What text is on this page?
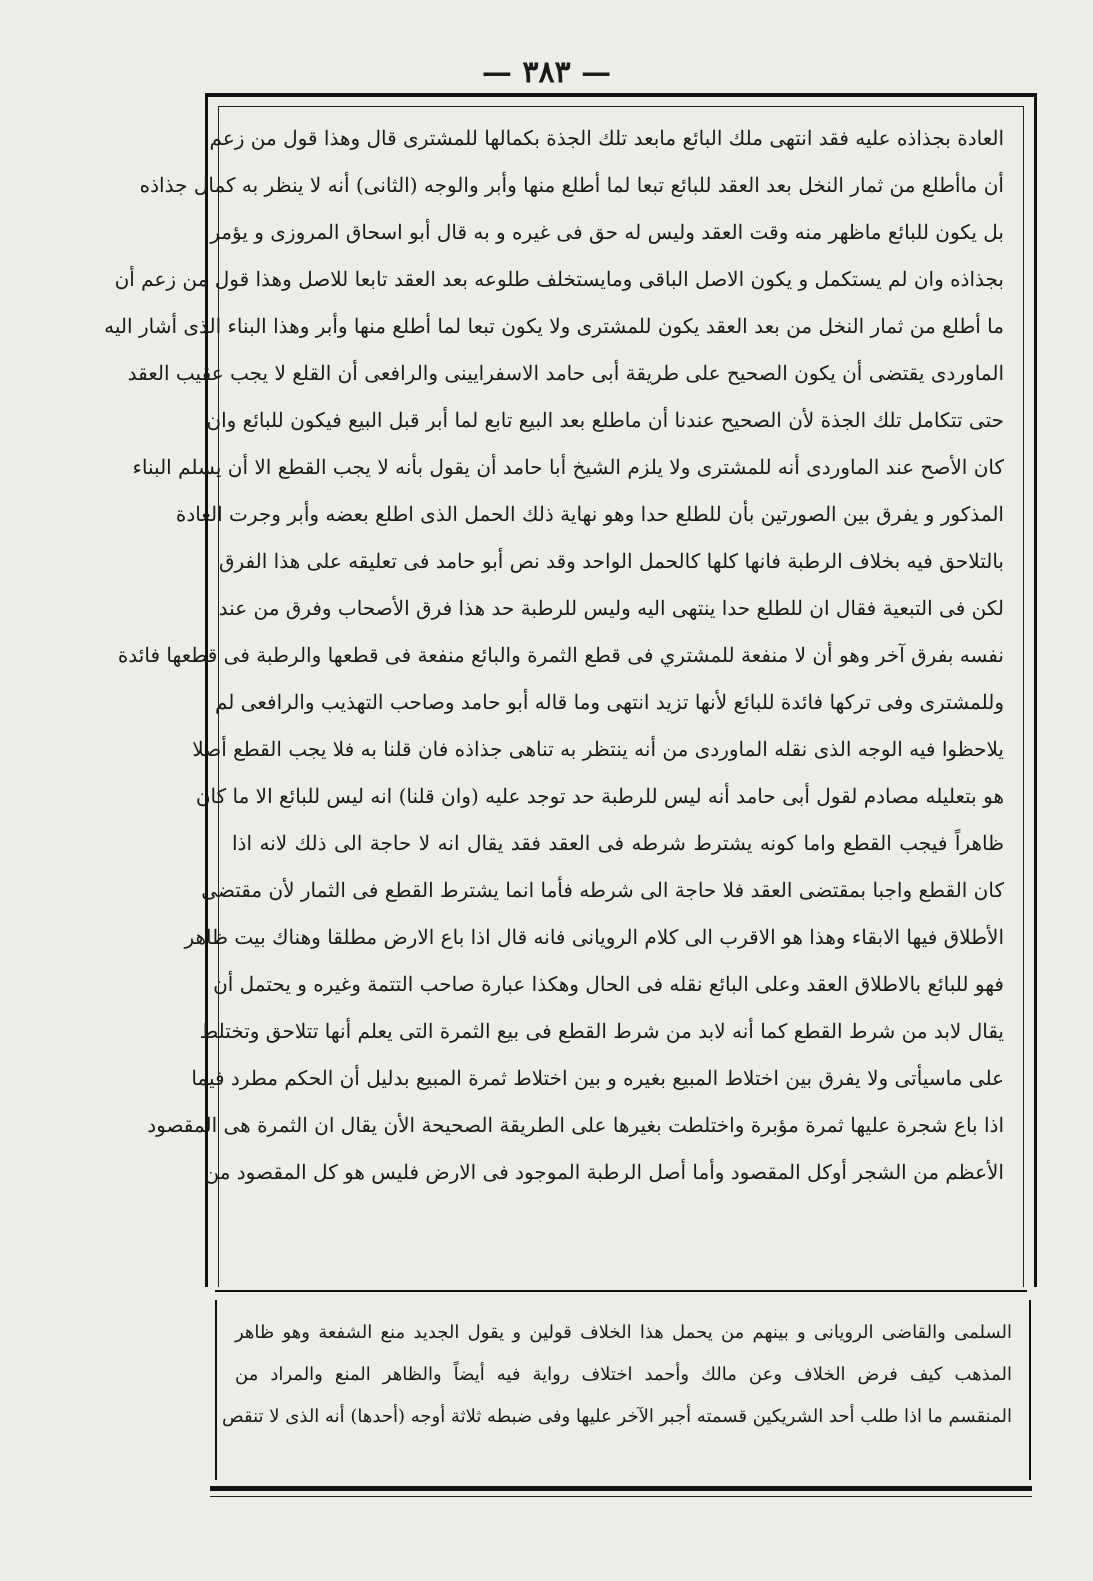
— ٣٨٣ —
العادة بجذاذه عليه فقد انتهى ملك البائع مابعد تلك الجذة بكمالها للمشترى قال وهذا قول من زعم
أن ماأطلع من ثمار النخل بعد العقد للبائع تبعا لما أطلع منها وأبر والوجه (الثانى) أنه لا ينظر به كمال جذاذه
بل يكون للبائع ماظهر منه وقت العقد وليس له حق فى غيره و به قال أبو اسحاق المروزى و يؤمر
بجذاذه وان لم يستكمل و يكون الاصل الباقى ومايستخلف طلوعه بعد العقد تابعا للاصل وهذا قول من زعم أن
ما أطلع من ثمار النخل من بعد العقد يكون للمشترى ولا يكون تبعا لما أطلع منها وأبر وهذا البناء الذى أشار اليه
الماوردى يقتضى أن يكون الصحيح على طريقة أبى حامد الاسفرايينى والرافعى أن القلع لا يجب عقيب العقد
حتى تتكامل تلك الجذة لأن الصحيح عندنا أن ماطلع بعد البيع تابع لما أبر قبل البيع فيكون للبائع وان
كان الأصح عند الماوردى أنه للمشترى ولا يلزم الشيخ أبا حامد أن يقول بأنه لا يجب القطع الا أن يسلم البناء
المذكور و يفرق بين الصورتين بأن للطلع حدا وهو نهاية ذلك الحمل الذى اطلع بعضه وأبر وجرت العادة
بالتلاحق فيه بخلاف الرطبة فانها كلها كالحمل الواحد وقد نص أبو حامد فى تعليقه على هذا الفرق
لكن فى التبعية فقال ان للطلع حدا ينتهى اليه وليس للرطبة حد هذا فرق الأصحاب وفرق من عند
نفسه بفرق آخر وهو أن لا منفعة للمشتري فى قطع الثمرة والبائع منفعة فى قطعها والرطبة فى قطعها فائدة
وللمشترى وفى تركها فائدة للبائع لأنها تزيد انتهى وما قاله أبو حامد وصاحب التهذيب والرافعى لم
يلاحظوا فيه الوجه الذى نقله الماوردى من أنه ينتظر به تناهى جذاذه فان قلنا به فلا يجب القطع أصلا
هو بتعليله مصادم لقول أبى حامد أنه ليس للرطبة حد توجد عليه (وان قلنا) انه ليس للبائع الا ما كان
ظاهراً فيجب القطع واما كونه يشترط شرطه فى العقد فقد يقال انه لا حاجة الى ذلك لانه اذا
كان القطع واجبا بمقتضى العقد فلا حاجة الى شرطه فأما انما يشترط القطع فى الثمار لأن مقتضى
الأطلاق فيها الابقاء وهذا هو الاقرب الى كلام الرويانى فانه قال اذا باع الارض مطلقا وهناك بيت ظاهر
فهو للبائع بالاطلاق العقد وعلى البائع نقله فى الحال وهكذا عبارة صاحب التتمة وغيره و يحتمل أن
يقال لابد من شرط القطع كما أنه لابد من شرط القطع فى بيع الثمرة التى يعلم أنها تتلاحق وتختلط
على ماسيأتى ولا يفرق بين اختلاط المبيع بغيره و بين اختلاط ثمرة المبيع بدليل أن الحكم مطرد فيما
اذا باع شجرة عليها ثمرة مؤبرة واختلطت بغيرها على الطريقة الصحيحة الأن يقال ان الثمرة هى المقصود
الأعظم من الشجر أوكل المقصود وأما أصل الرطبة الموجود فى الارض فليس هو كل المقصود من
السلمى والقاضى الرويانى و بينهم من يحمل هذا الخلاف قولين و يقول الجديد منع الشفعة وهو ظاهر
المذهب كيف فرض الخلاف وعن مالك وأحمد اختلاف رواية فيه أيضاً والظاهر المنع والمراد من
المنقسم ما اذا طلب أحد الشريكين قسمته أجبر الآخر عليها وفى ضبطه ثلاثة أوجه (أحدها) أنه الذى لا تنقص
